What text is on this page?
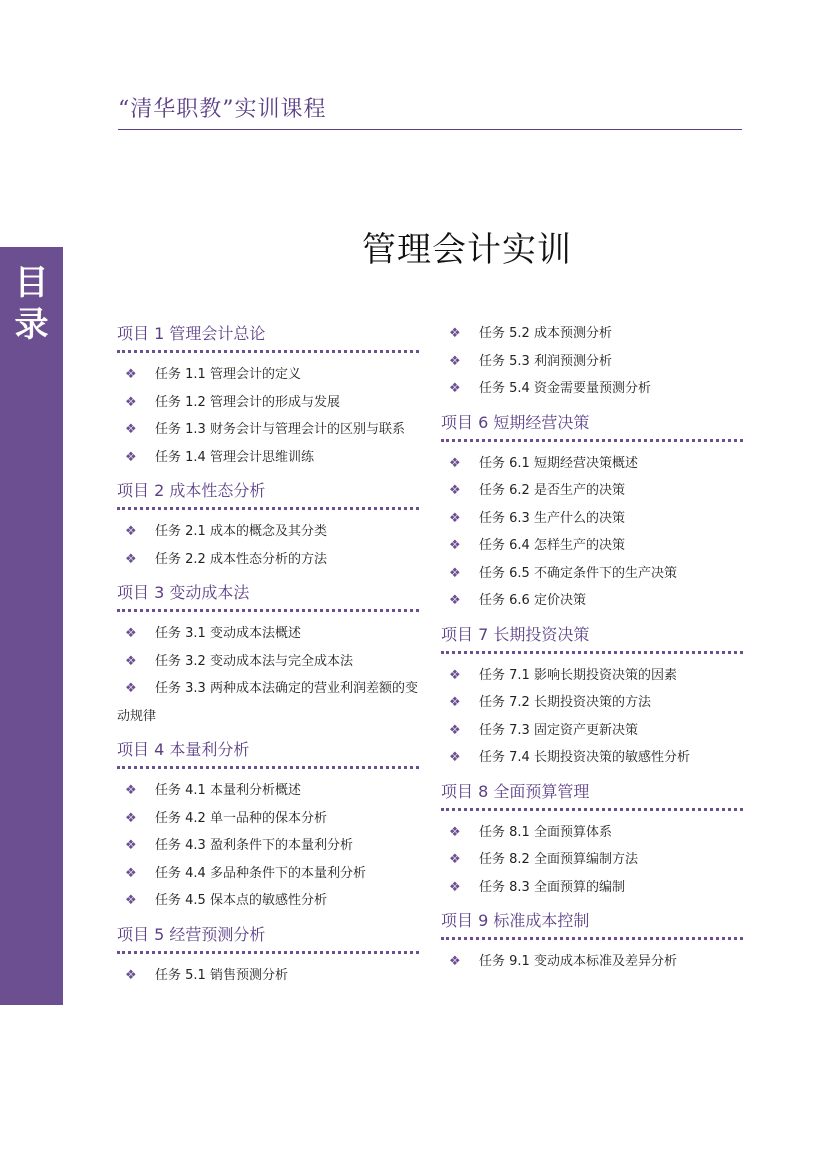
“清华职教”实训课程
目
录
管理会计实训
项目 1 管理会计总论
❖ 任务 1.1 管理会计的定义
❖ 任务 1.2 管理会计的形成与发展
❖ 任务 1.3 财务会计与管理会计的区别与联系
❖ 任务 1.4 管理会计思维训练
项目 2 成本性态分析
❖ 任务 2.1 成本的概念及其分类
❖ 任务 2.2 成本性态分析的方法
项目 3 变动成本法
❖ 任务 3.1 变动成本法概述
❖ 任务 3.2 变动成本法与完全成本法
❖ 任务 3.3 两种成本法确定的营业利润差额的变动规律
项目 4 本量利分析
❖ 任务 4.1 本量利分析概述
❖ 任务 4.2 单一品种的保本分析
❖ 任务 4.3 盈利条件下的本量利分析
❖ 任务 4.4 多品种条件下的本量利分析
❖ 任务 4.5 保本点的敏感性分析
项目 5 经营预测分析
❖ 任务 5.1 销售预测分析
❖ 任务 5.2 成本预测分析
❖ 任务 5.3 利润预测分析
❖ 任务 5.4 资金需要量预测分析
项目 6 短期经营决策
❖ 任务 6.1 短期经营决策概述
❖ 任务 6.2 是否生产的决策
❖ 任务 6.3 生产什么的决策
❖ 任务 6.4 怎样生产的决策
❖ 任务 6.5 不确定条件下的生产决策
❖ 任务 6.6 定价决策
项目 7 长期投资决策
❖ 任务 7.1 影响长期投资决策的因素
❖ 任务 7.2 长期投资决策的方法
❖ 任务 7.3 固定资产更新决策
❖ 任务 7.4 长期投资决策的敏感性分析
项目 8 全面预算管理
❖ 任务 8.1 全面预算体系
❖ 任务 8.2 全面预算编制方法
❖ 任务 8.3 全面预算的编制
项目 9 标准成本控制
❖ 任务 9.1 变动成本标准及差异分析
